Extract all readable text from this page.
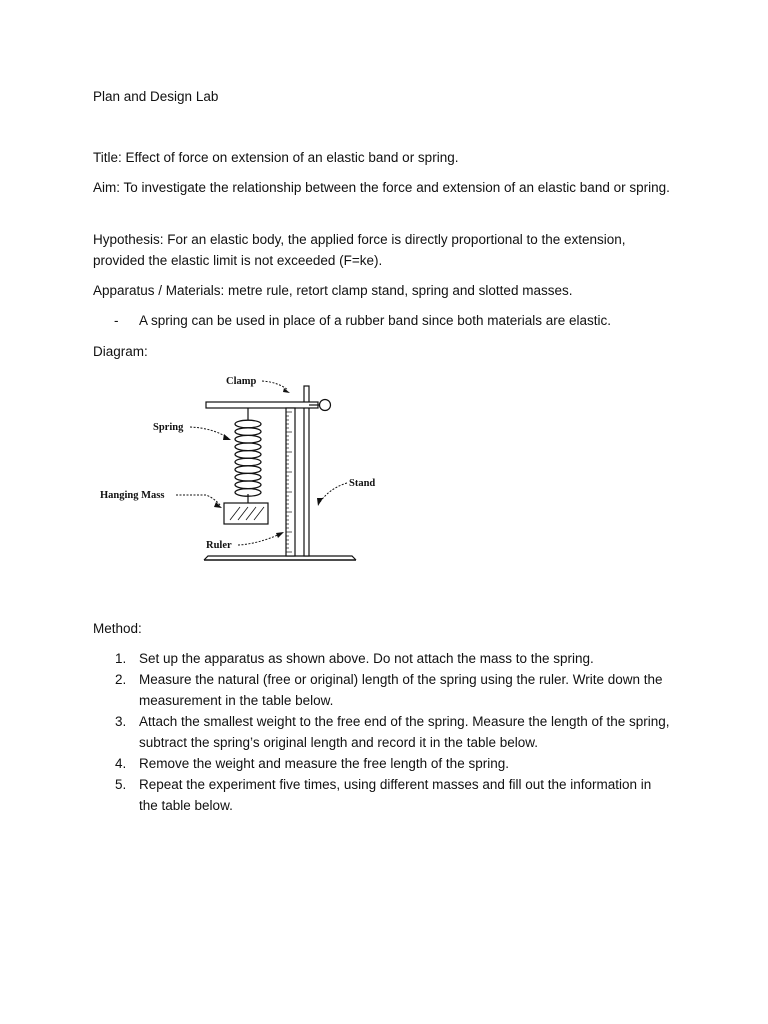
Plan and Design Lab

Title: Effect of force on extension of an elastic band or spring.

Aim: To investigate the relationship between the force and extension of an elastic band or spring.

Hypothesis: For an elastic body, the applied force is directly proportional to the extension, provided the elastic limit is not exceeded (F=ke).

Apparatus / Materials: metre rule, retort clamp stand, spring and slotted masses.

- A spring can be used in place of a rubber band since both materials are elastic.

Diagram:

Clamp
Spring
Stand
Hanging Mass
Ruler

Method:

1. Set up the apparatus as shown above. Do not attach the mass to the spring.
2. Measure the natural (free or original) length of the spring using the ruler. Write down the measurement in the table below.
3. Attach the smallest weight to the free end of the spring. Measure the length of the spring, subtract the spring’s original length and record it in the table below.
4. Remove the weight and measure the free length of the spring.
5. Repeat the experiment five times, using different masses and fill out the information in the table below.
